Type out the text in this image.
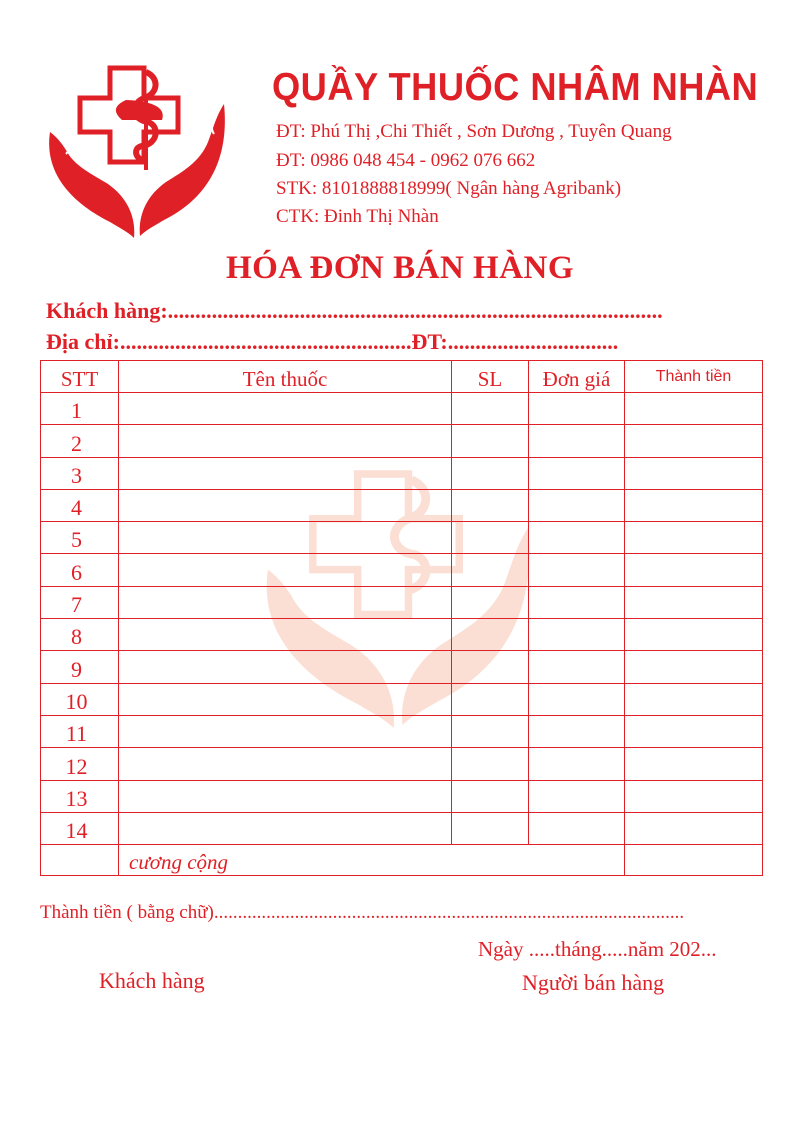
QUẦY THUỐC NHÂM NHÀN
ĐT: Phú Thị ,Chi Thiết , Sơn Dương , Tuyên Quang
ĐT: 0986 048 454 - 0962 076 662
STK: 8101888818999( Ngân hàng Agribank)
CTK: Đinh Thị Nhàn
HÓA ĐƠN BÁN HÀNG
Khách hàng:..........................................................................................
Địa chỉ:.....................................................ĐT:...............................
STT	Tên thuốc	SL	Đơn giá	Thành tiền
1				
2				
3				
4				
5				
6				
7				
8				
9				
10				
11				
12				
13				
14				
	cương cộng			
Thành tiền ( bằng chữ)...................................................................................................
Ngày .....tháng.....năm 202...
Khách hàng	Người bán hàng
